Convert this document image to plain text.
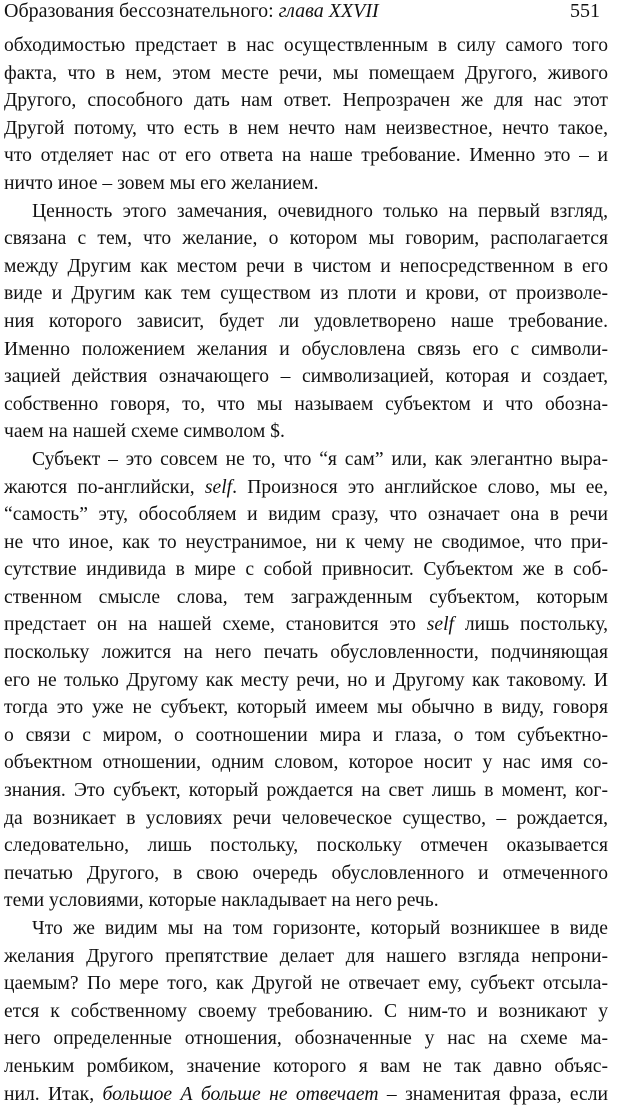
Образования бессознательного: глава XXVII	551
обходимостью предстает в нас осуществленным в силу самого того
факта, что в нем, этом месте речи, мы помещаем Другого, живого
Другого, способного дать нам ответ. Непрозрачен же для нас этот
Другой потому, что есть в нем нечто нам неизвестное, нечто такое,
что отделяет нас от его ответа на наше требование. Именно это – и
ничто иное – зовем мы его желанием.
Ценность этого замечания, очевидного только на первый взгляд,
связана с тем, что желание, о котором мы говорим, располагается
между Другим как местом речи в чистом и непосредственном в его
виде и Другим как тем существом из плоти и крови, от произволе-
ния которого зависит, будет ли удовлетворено наше требование.
Именно положением желания и обусловлена связь его с символи-
зацией действия означающего – символизацией, которая и создает,
собственно говоря, то, что мы называем субъектом и что обозна-
чаем на нашей схеме символом $.
Субъект – это совсем не то, что “я сам” или, как элегантно выра-
жаются по-английски, self. Произнося это английское слово, мы ее,
“самость” эту, обособляем и видим сразу, что означает она в речи
не что иное, как то неустранимое, ни к чему не сводимое, что при-
сутствие индивида в мире с собой привносит. Субъектом же в соб-
ственном смысле слова, тем загражденным субъектом, которым
предстает он на нашей схеме, становится это self лишь постольку,
поскольку ложится на него печать обусловленности, подчиняющая
его не только Другому как месту речи, но и Другому как таковому. И
тогда это уже не субъект, который имеем мы обычно в виду, говоря
о связи с миром, о соотношении мира и глаза, о том субъектно-
объектном отношении, одним словом, которое носит у нас имя со-
знания. Это субъект, который рождается на свет лишь в момент, ког-
да возникает в условиях речи человеческое существо, – рождается,
следовательно, лишь постольку, поскольку отмечен оказывается
печатью Другого, в свою очередь обусловленного и отмеченного
теми условиями, которые накладывает на него речь.
Что же видим мы на том горизонте, который возникшее в виде
желания Другого препятствие делает для нашего взгляда непрони-
цаемым? По мере того, как Другой не отвечает ему, субъект отсыла-
ется к собственному своему требованию. С ним-то и возникают у
него определенные отношения, обозначенные у нас на схеме ма-
леньким ромбиком, значение которого я вам не так давно объяс-
нил. Итак, большое А больше не отвечает – знаменитая фраза, если
